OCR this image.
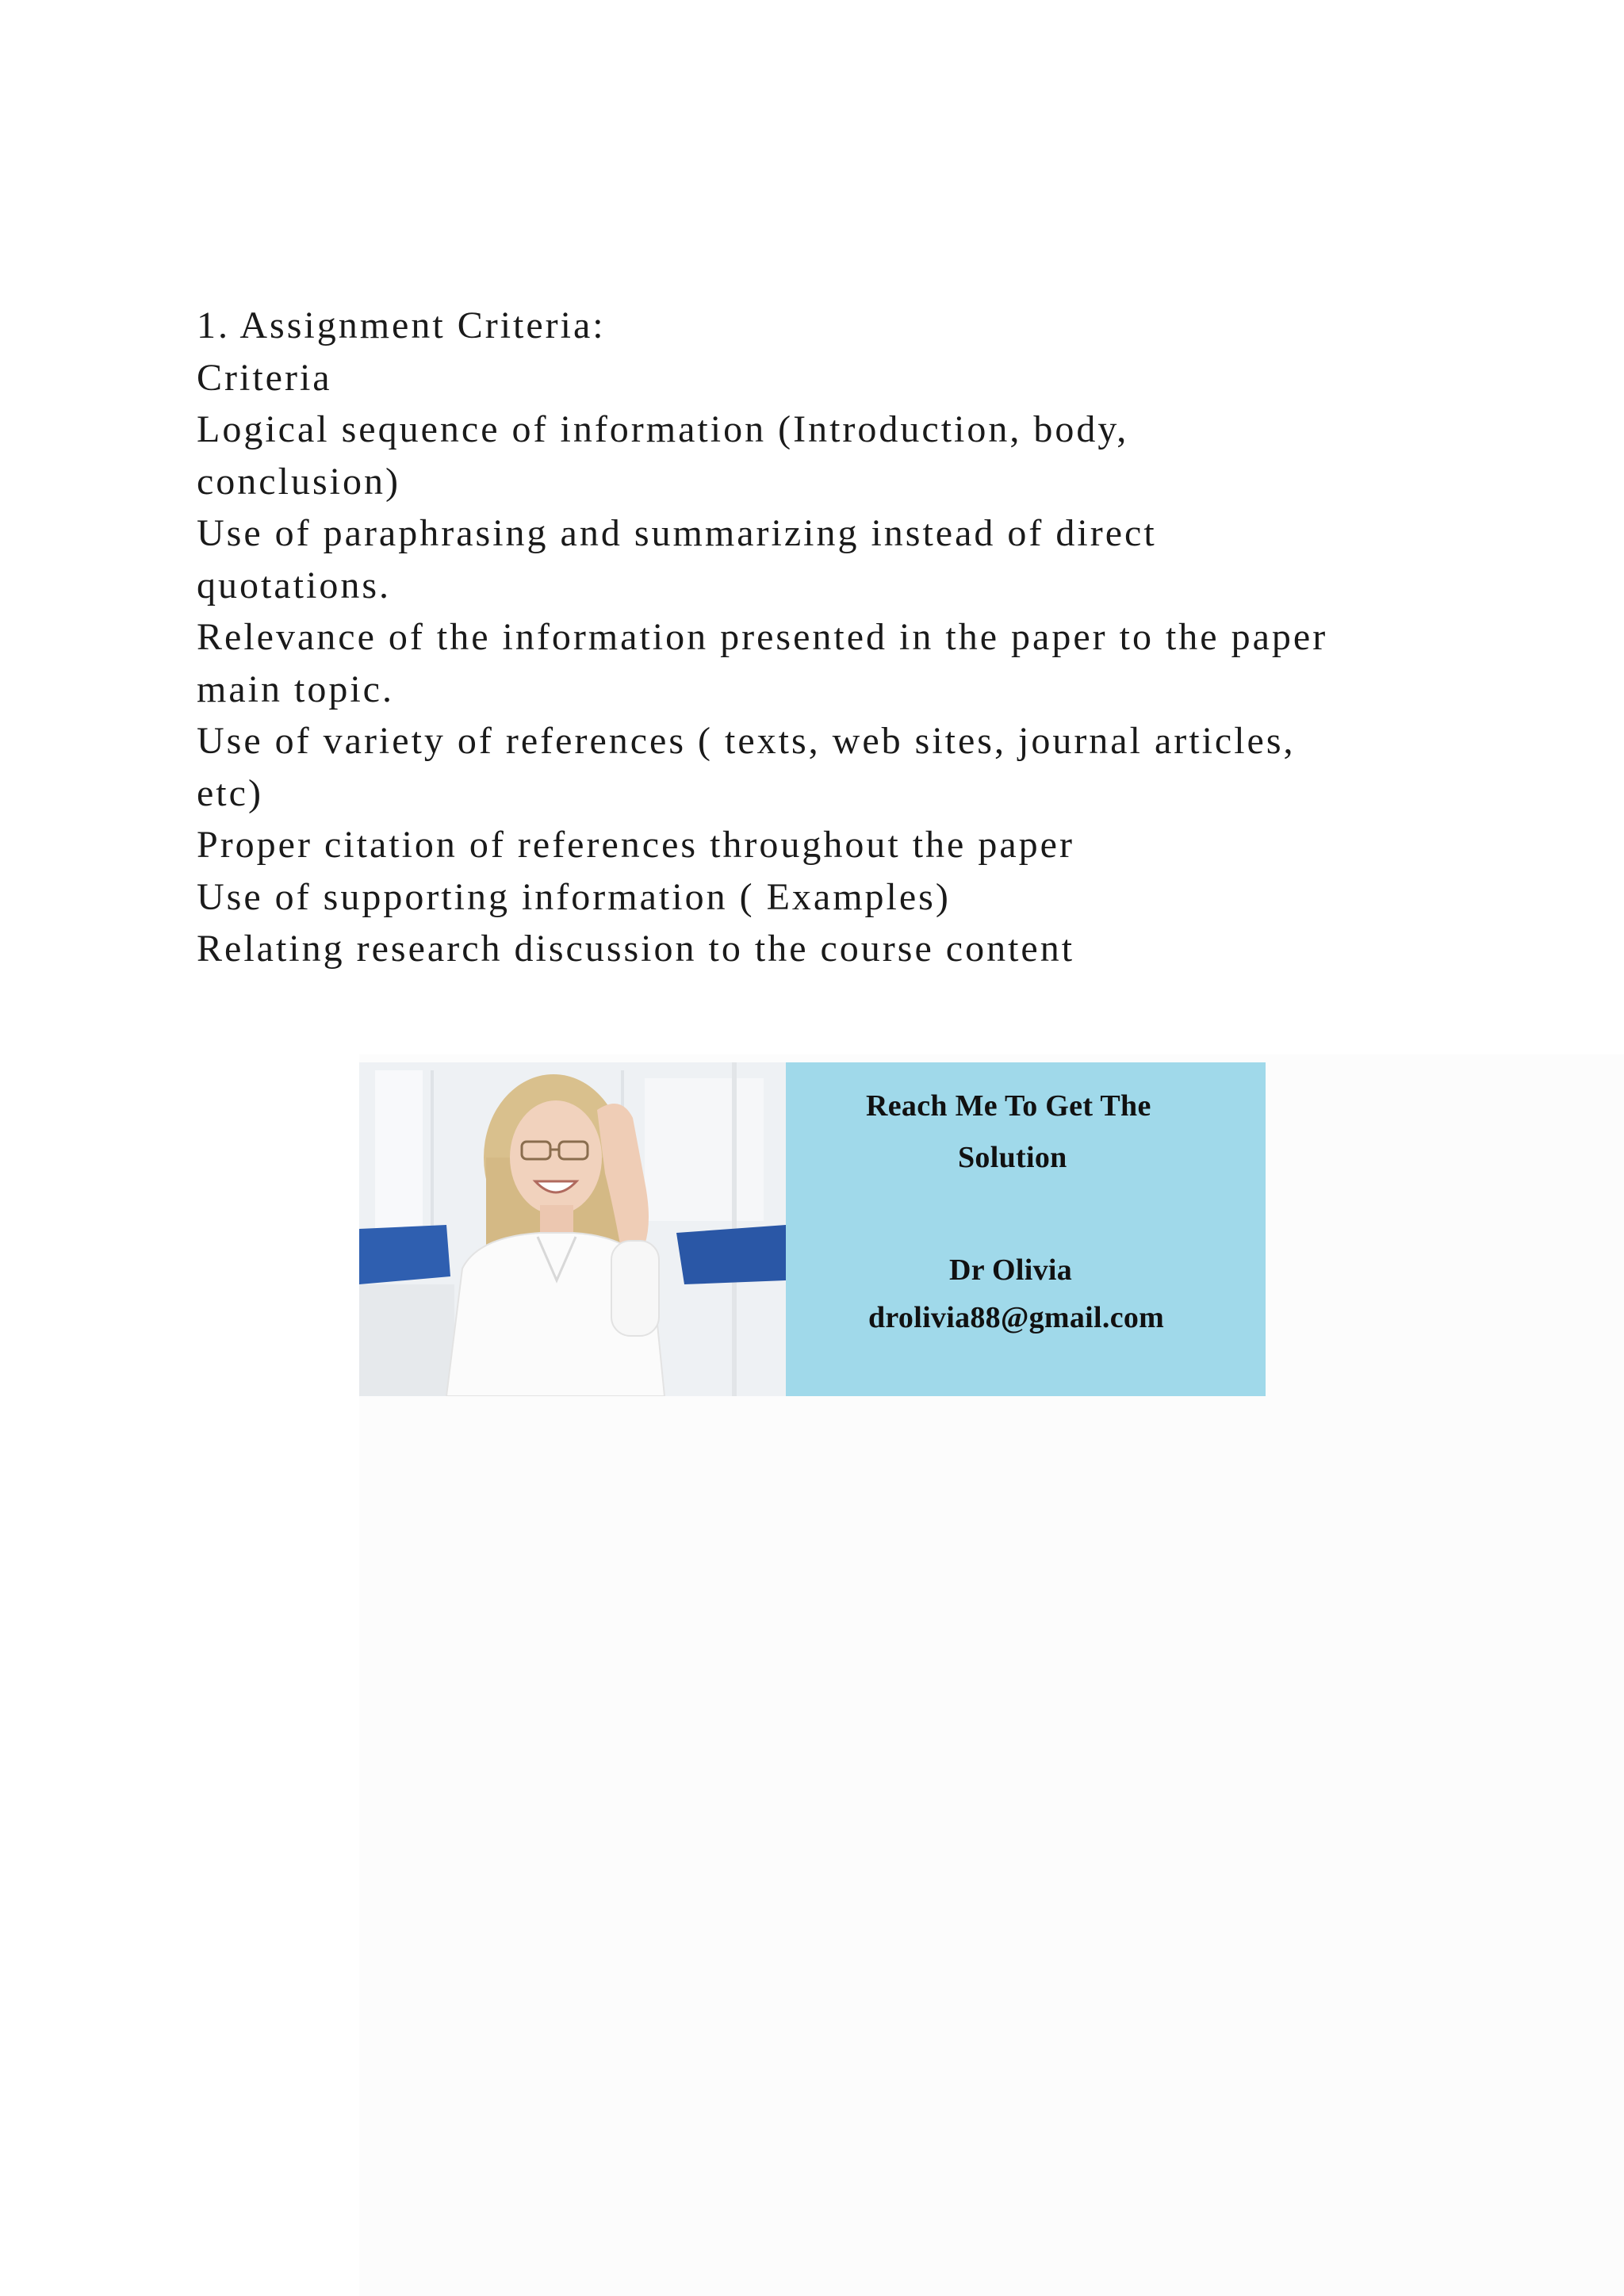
1. Assignment Criteria:
Criteria
Logical sequence of information (Introduction, body,
conclusion)
Use of paraphrasing and summarizing instead of direct
quotations.
Relevance of the information presented in the paper to the paper
main topic.
Use of variety of references ( texts, web sites, journal articles,
etc)
Proper citation of references throughout the paper
Use of supporting information ( Examples)
Relating research discussion to the course content
Reach Me To Get The
Solution
Dr Olivia
drolivia88@gmail.com
